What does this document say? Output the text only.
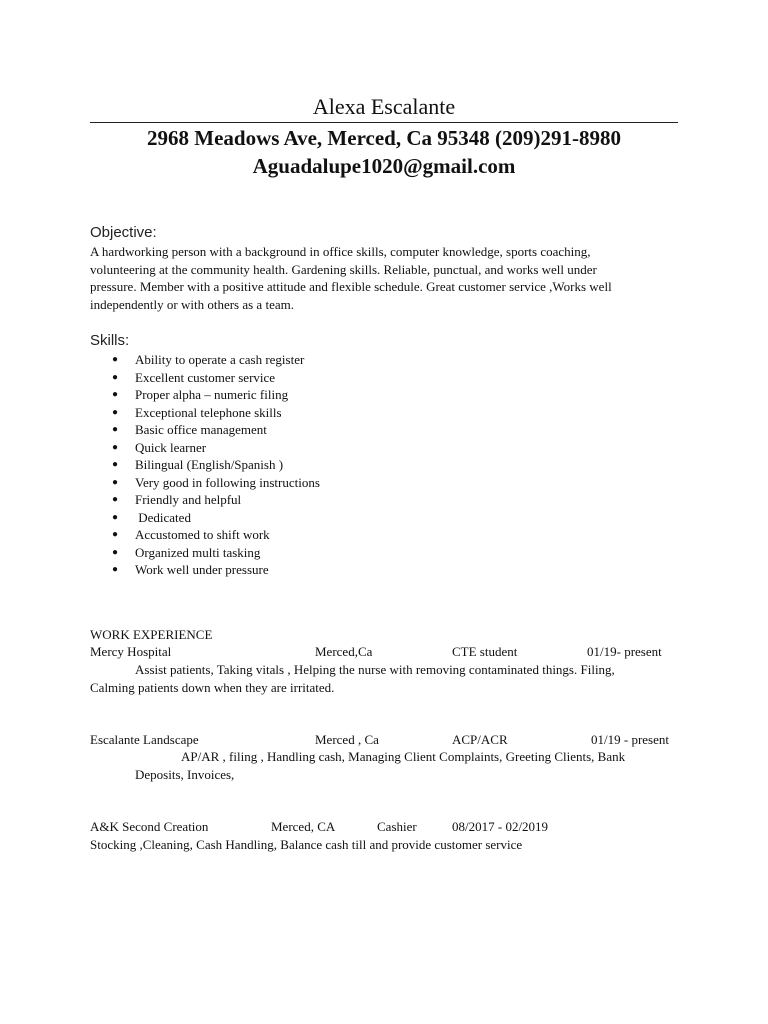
Alexa Escalante
2968 Meadows Ave, Merced, Ca 95348 (209)291-8980
Aguadalupe1020@gmail.com
Objective:
A hardworking person with a background in office skills, computer knowledge, sports coaching,
volunteering at the community health. Gardening skills. Reliable, punctual, and works well under
pressure. Member with a positive attitude and flexible schedule. Great customer service ,Works well
independently or with others as a team.
Skills:
● Ability to operate a cash register
● Excellent customer service
● Proper alpha – numeric filing
● Exceptional telephone skills
● Basic office management
● Quick learner
● Bilingual (English/Spanish )
● Very good in following instructions
● Friendly and helpful
● Dedicated
● Accustomed to shift work
● Organized multi tasking
● Work well under pressure
WORK EXPERIENCE
Mercy Hospital	Merced,Ca	CTE student	01/19- present
Assist patients, Taking vitals , Helping the nurse with removing contaminated things. Filing,
Calming patients down when they are irritated.
Escalante Landscape	Merced , Ca	ACP/ACR	01/19 - present
AP/AR , filing , Handling cash, Managing Client Complaints, Greeting Clients, Bank
Deposits, Invoices,
A&K Second Creation	Merced, CA	Cashier	08/2017 - 02/2019
Stocking ,Cleaning, Cash Handling, Balance cash till and provide customer service
